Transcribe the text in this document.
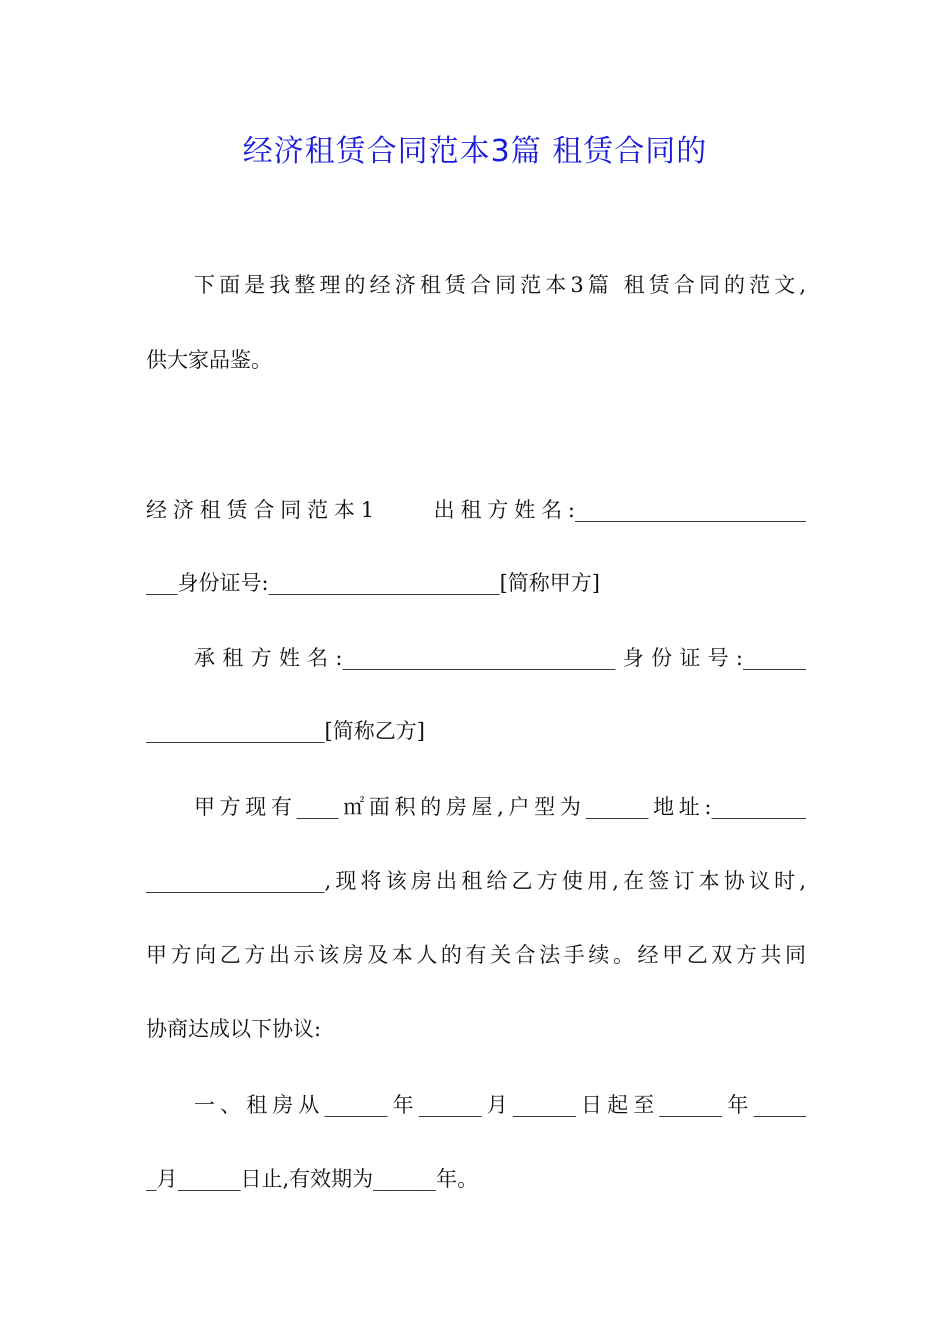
经济租赁合同范本3篇 租赁合同的
下面是我整理的经济租赁合同范本3篇 租赁合同的范文,
供大家品鉴。
经济租赁合同范本1　　出租方姓名:______________________
___身份证号:______________________[简称甲方]
承租方姓名:__________________________身份证号:______
_________________[简称乙方]
甲方现有____㎡面积的房屋,户型为______地址:_________
_________________,现将该房出租给乙方使用,在签订本协议时,
甲方向乙方出示该房及本人的有关合法手续。经甲乙双方共同
协商达成以下协议:
一、租房从______年______月______日起至______年_____
_月______日止,有效期为______年。
